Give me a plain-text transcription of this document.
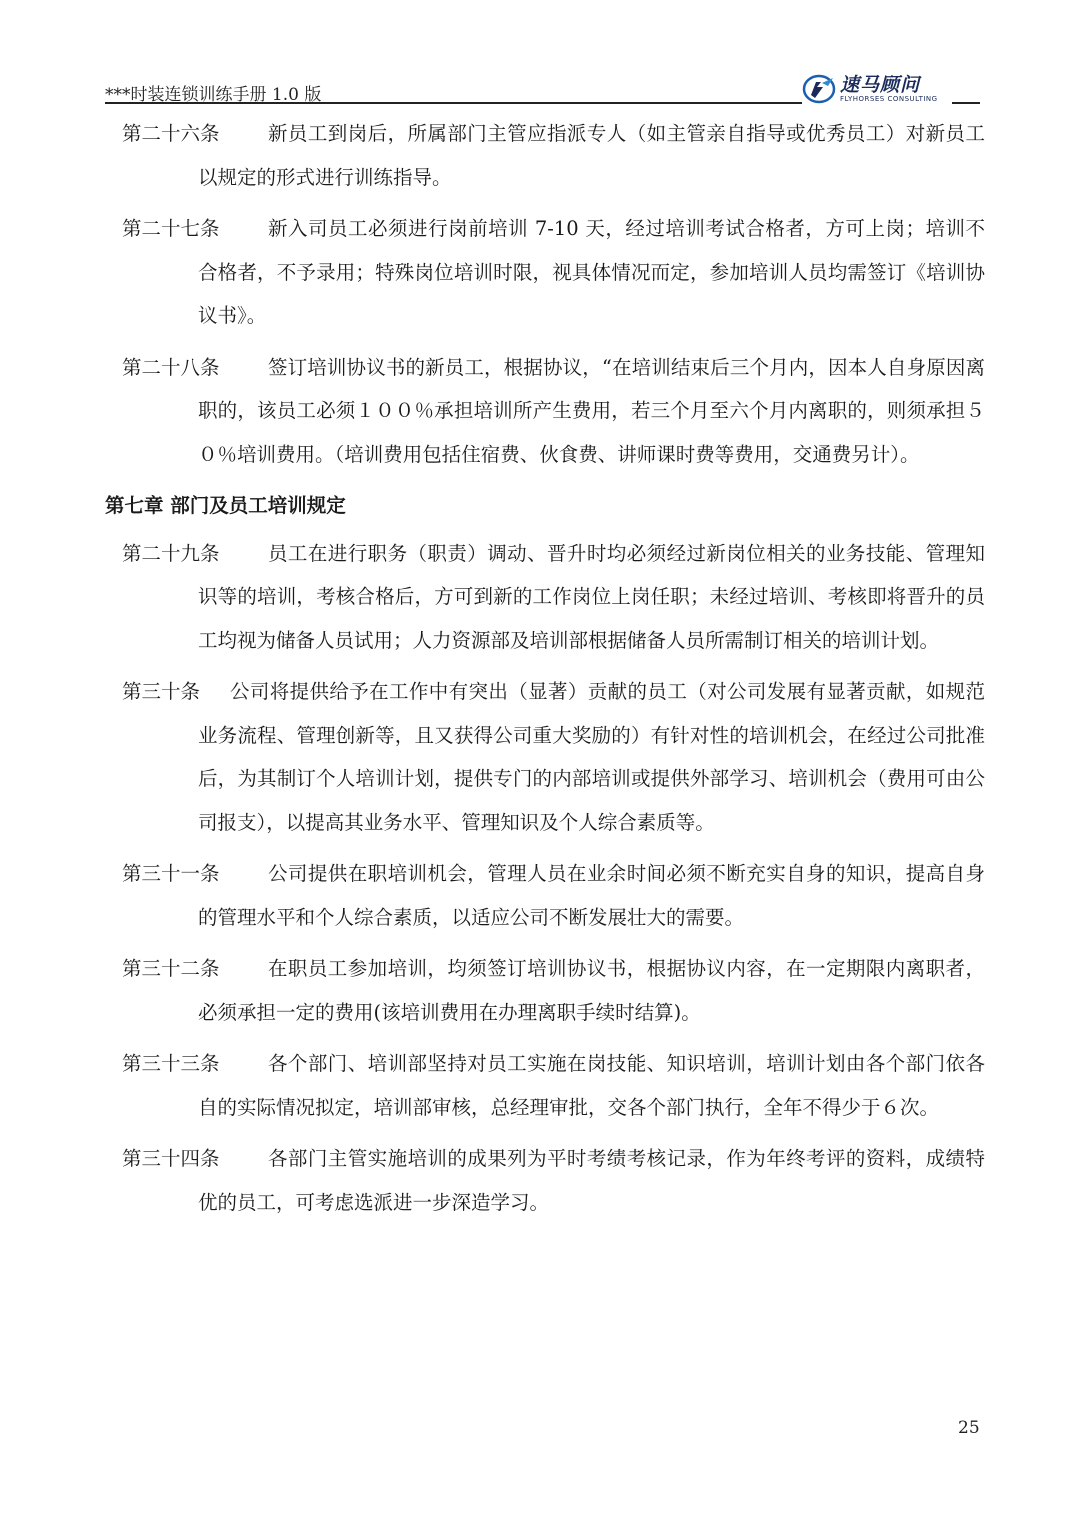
***时装连锁训练手册 1.0 版	速马顾问
FLYHORSES CONSULTING
第二十六条	新员工到岗后，所属部门主管应指派专人（如主管亲自指导或优秀员工）对新员工以规定的形式进行训练指导。
第二十七条	新入司员工必须进行岗前培训 7-10 天，经过培训考试合格者，方可上岗；培训不合格者，不予录用；特殊岗位培训时限，视具体情况而定，参加培训人员均需签订《培训协议书》。
第二十八条	签订培训协议书的新员工，根据协议，“在培训结束后三个月内，因本人自身原因离职的，该员工必须１００％承担培训所产生费用，若三个月至六个月内离职的，则须承担５０％培训费用。（培训费用包括住宿费、伙食费、讲师课时费等费用，交通费另计）。
第七章 部门及员工培训规定
第二十九条	员工在进行职务（职责）调动、晋升时均必须经过新岗位相关的业务技能、管理知识等的培训，考核合格后，方可到新的工作岗位上岗任职；未经过培训、考核即将晋升的员工均视为储备人员试用；人力资源部及培训部根据储备人员所需制订相关的培训计划。
第三十条	公司将提供给予在工作中有突出（显著）贡献的员工（对公司发展有显著贡献，如规范业务流程、管理创新等，且又获得公司重大奖励的）有针对性的培训机会，在经过公司批准后，为其制订个人培训计划，提供专门的内部培训或提供外部学习、培训机会（费用可由公司报支），以提高其业务水平、管理知识及个人综合素质等。
第三十一条	公司提供在职培训机会，管理人员在业余时间必须不断充实自身的知识，提高自身的管理水平和个人综合素质，以适应公司不断发展壮大的需要。
第三十二条	在职员工参加培训，均须签订培训协议书，根据协议内容，在一定期限内离职者，必须承担一定的费用(该培训费用在办理离职手续时结算)。
第三十三条	各个部门、培训部坚持对员工实施在岗技能、知识培训，培训计划由各个部门依各自的实际情况拟定，培训部审核，总经理审批，交各个部门执行，全年不得少于６次。
第三十四条	各部门主管实施培训的成果列为平时考绩考核记录，作为年终考评的资料，成绩特优的员工，可考虑选派进一步深造学习。
25
